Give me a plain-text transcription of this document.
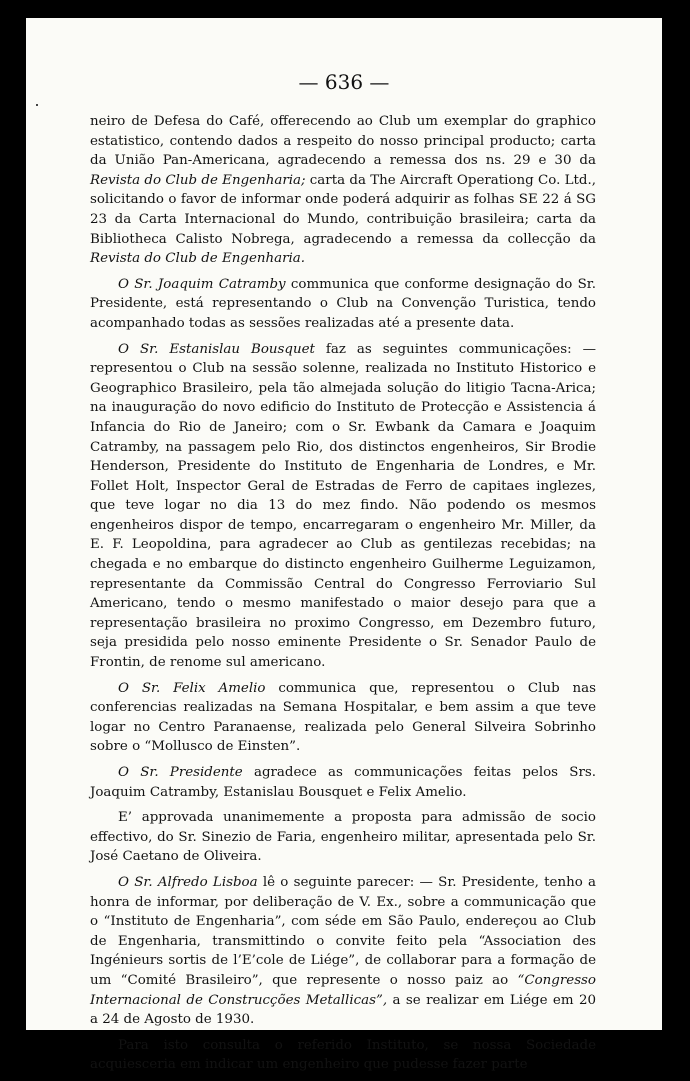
— 636 —

neiro de Defesa do Café, offerecendo ao Club um exemplar do graphico estatistico, contendo dados a respeito do nosso principal producto; carta da União Pan-Americana, agradecendo a remessa dos ns. 29 e 30 da Revista do Club de Engenharia; carta da The Aircraft Operationg Co. Ltd., solicitando o favor de informar onde poderá adquirir as folhas SE 22 á SG 23 da Carta Internacional do Mundo, contribuição brasileira; carta da Bibliotheca Calisto Nobrega, agradecendo a remessa da collecção da Revista do Club de Engenharia.

O Sr. Joaquim Catramby communica que conforme designação do Sr. Presidente, está representando o Club na Convenção Turistica, tendo acompanhado todas as sessões realizadas até a presente data.

O Sr. Estanislau Bousquet faz as seguintes communicações: — representou o Club na sessão solenne, realizada no Instituto Historico e Geographico Brasileiro, pela tão almejada solução do litigio Tacna-Arica; na inauguração do novo edificio do Instituto de Protecção e Assistencia á Infancia do Rio de Janeiro; com o Sr. Ewbank da Camara e Joaquim Catramby, na passagem pelo Rio, dos distinctos engenheiros, Sir Brodie Henderson, Presidente do Instituto de Engenharia de Londres, e Mr. Follet Holt, Inspector Geral de Estradas de Ferro de capitaes inglezes, que teve logar no dia 13 do mez findo. Não podendo os mesmos engenheiros dispor de tempo, encarregaram o engenheiro Mr. Miller, da E. F. Leopoldina, para agradecer ao Club as gentilezas recebidas; na chegada e no embarque do distincto engenheiro Guilherme Leguizamon, representante da Commissão Central do Congresso Ferroviario Sul Americano, tendo o mesmo manifestado o maior desejo para que a representação brasileira no proximo Congresso, em Dezembro futuro, seja presidida pelo nosso eminente Presidente o Sr. Senador Paulo de Frontin, de renome sul americano.

O Sr. Felix Amelio communica que, representou o Club nas conferencias realizadas na Semana Hospitalar, e bem assim a que teve logar no Centro Paranaense, realizada pelo General Silveira Sobrinho sobre o “Mollusco de Einsten”.

O Sr. Presidente agradece as communicações feitas pelos Srs. Joaquim Catramby, Estanislau Bousquet e Felix Amelio.

E’ approvada unanimemente a proposta para admissão de socio effectivo, do Sr. Sinezio de Faria, engenheiro militar, apresentada pelo Sr. José Caetano de Oliveira.

O Sr. Alfredo Lisboa lê o seguinte parecer: — Sr. Presidente, tenho a honra de informar, por deliberação de V. Ex., sobre a communicação que o “Instituto de Engenharia”, com séde em São Paulo, endereçou ao Club de Engenharia, transmittindo o convite feito pela “Association des Ingénieurs sortis de l’E’cole de Liége”, de collaborar para a formação de um “Comité Brasileiro”, que represente o nosso paiz ao “Congresso Internacional de Construcções Metallicas”, a se realizar em Liége em 20 a 24 de Agosto de 1930.

Para isto consulta o referido Instituto, se nossa Sociedade acquiesceria em indicar um engenheiro que pudesse fazer parte
